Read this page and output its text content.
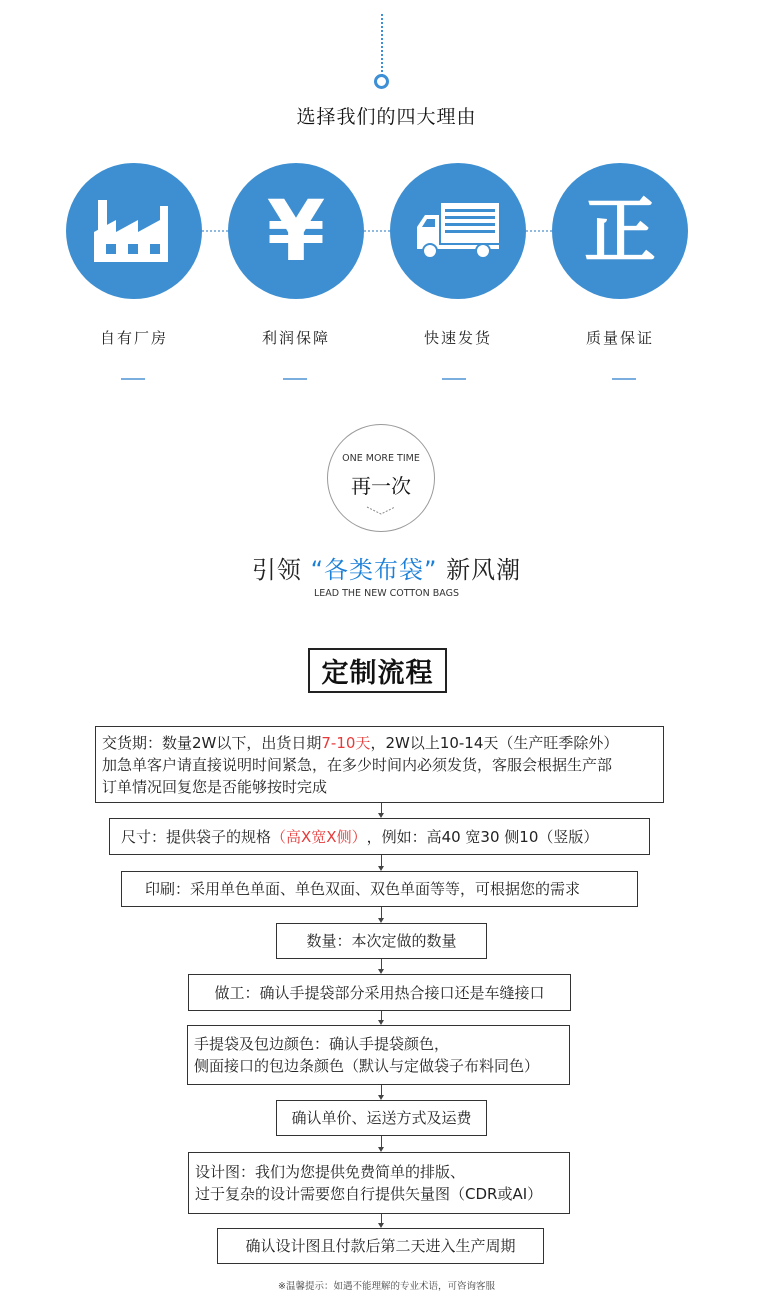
选择我们的四大理由
¥	正
自有厂房	利润保障	快速发货	质量保证
ONE MORE TIME
再一次
引领 “各类布袋” 新风潮
LEAD THE NEW COTTON BAGS
定制流程
交货期：数量2W以下，出货日期7-10天，2W以上10-14天（生产旺季除外）
加急单客户请直接说明时间紧急，在多少时间内必须发货，客服会根据生产部
订单情况回复您是否能够按时完成
尺寸：提供袋子的规格 （高X宽X侧） ，例如：高40 宽30 侧10（竖版）
印刷：采用单色单面、单色双面、双色单面等等，可根据您的需求
数量：本次定做的数量
做工：确认手提袋部分采用热合接口还是车缝接口
手提袋及包边颜色：确认手提袋颜色，
侧面接口的包边条颜色（默认与定做袋子布料同色）
确认单价、运送方式及运费
设计图：我们为您提供免费简单的排版、
过于复杂的设计需要您自行提供矢量图（CDR或AI）
确认设计图且付款后第二天进入生产周期
※温馨提示：如遇不能理解的专业术语，可咨询客服
